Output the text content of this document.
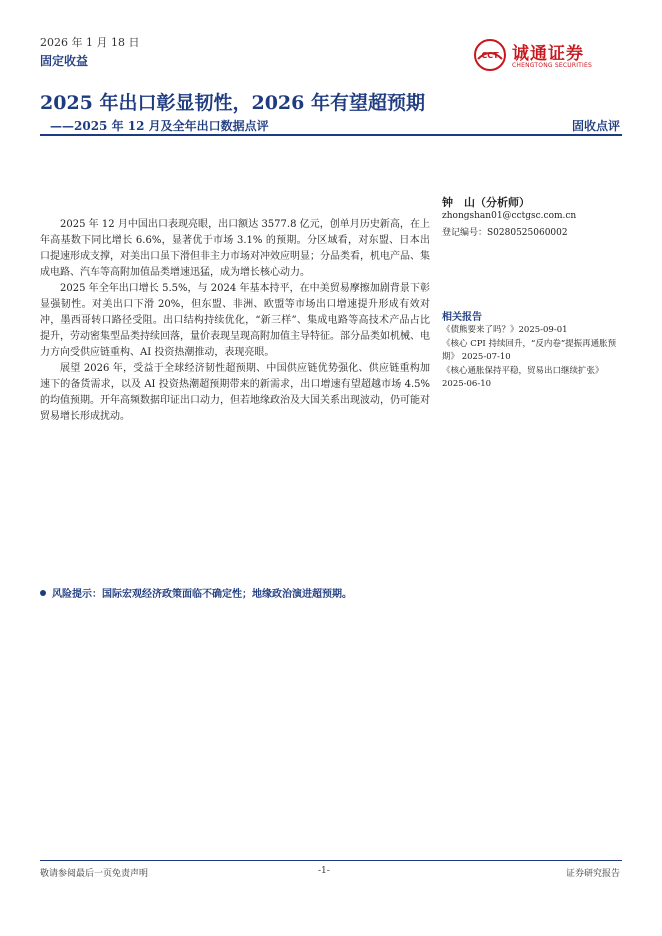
2026 年 1 月 18 日
固定收益	CCT 诚通证券
CHENGTONG SECURITIES
2025 年出口彰显韧性，2026 年有望超预期
——2025 年 12 月及全年出口数据点评	固收点评

2025 年 12 月中国出口表现亮眼，出口额达 3577.8 亿元，创单月历史新高，在上年高基数下同比增长 6.6%，显著优于市场 3.1% 的预期。分区域看，对东盟、日本出口提速形成支撑，对美出口虽下滑但非主力市场对冲效应明显；分品类看，机电产品、集成电路、汽车等高附加值品类增速迅猛，成为增长核心动力。

2025 年全年出口增长 5.5%，与 2024 年基本持平，在中美贸易摩擦加剧背景下彰显强韧性。对美出口下滑 20%，但东盟、非洲、欧盟等市场出口增速提升形成有效对冲，墨西哥转口路径受阻。出口结构持续优化，“新三样”、集成电路等高技术产品占比提升，劳动密集型品类持续回落，量价表现呈现高附加值主导特征。部分品类如机械、电力方向受供应链重构、AI 投资热潮推动，表现亮眼。

展望 2026 年，受益于全球经济韧性超预期、中国供应链优势强化、供应链重构加速下的备货需求，以及 AI 投资热潮超预期带来的新需求，出口增速有望超越市场 4.5%的均值预期。开年高频数据印证出口动力，但若地缘政治及大国关系出现波动，仍可能对贸易增长形成扰动。

钟　山（分析师）
zhongshan01@cctgsc.com.cn
登记编号：S0280525060002
相关报告
《债熊要来了吗？》2025-09-01
《核心 CPI 持续回升，“反内卷”提振再通胀预期》 2025-07-10
《核心通胀保持平稳，贸易出口继续扩张》2025-06-10
风险提示：国际宏观经济政策面临不确定性；地缘政治演进超预期。
敬请参阅最后一页免责声明	-1-	证券研究报告
